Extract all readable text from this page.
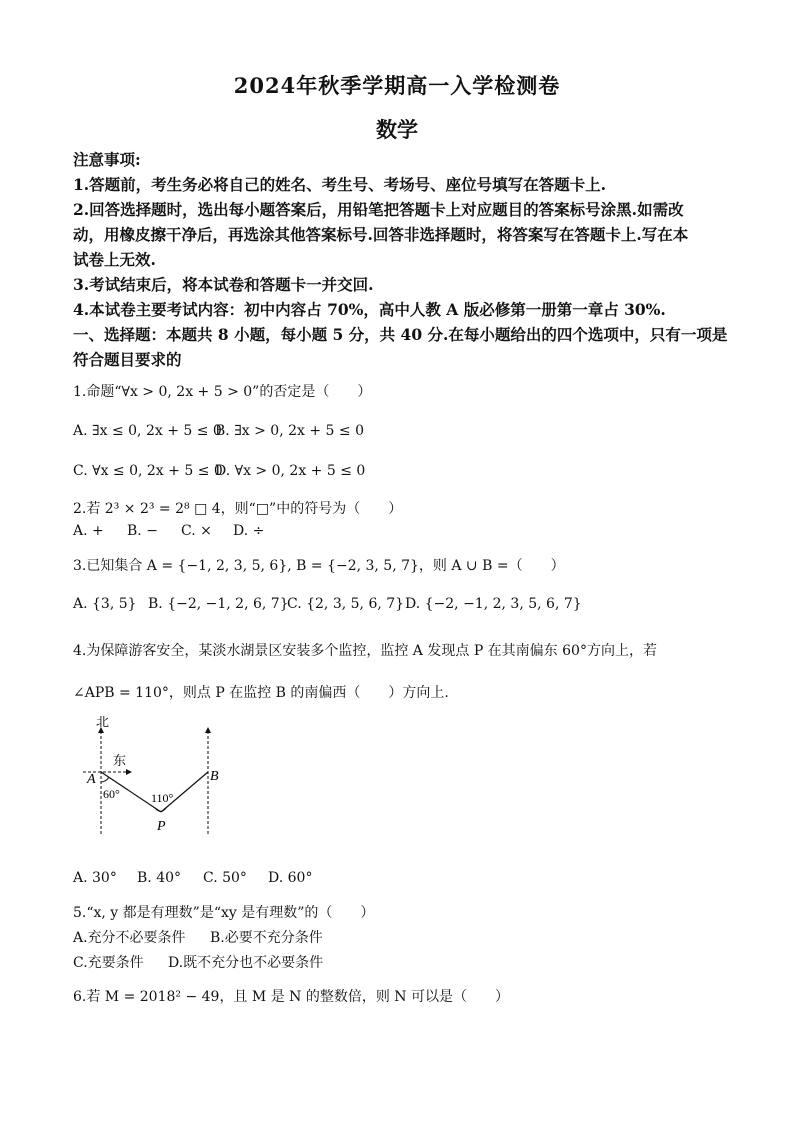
2024年秋季学期高一入学检测卷
数学
注意事项:
1.答题前，考生务必将自己的姓名、考生号、考场号、座位号填写在答题卡上.
2.回答选择题时，选出每小题答案后，用铅笔把答题卡上对应题目的答案标号涂黑.如需改
动，用橡皮擦干净后，再选涂其他答案标号.回答非选择题时，将答案写在答题卡上.写在本
试卷上无效.
3.考试结束后，将本试卷和答题卡一并交回.
4.本试卷主要考试内容：初中内容占 70%，高中人教 A 版必修第一册第一章占 30%.
一、选择题：本题共 8 小题，每小题 5 分，共 40 分.在每小题给出的四个选项中，只有一项是
符合题目要求的
1.命题“∀x > 0, 2x + 5 > 0”的否定是（　　）
A. ∃x ≤ 0, 2x + 5 ≤ 0
B. ∃x > 0, 2x + 5 ≤ 0
C. ∀x ≤ 0, 2x + 5 ≤ 0
D. ∀x > 0, 2x + 5 ≤ 0
2.若 2³ × 2³ = 2⁸ □ 4，则“□”中的符号为（　　）
A. + B. − C. × D. ÷
3.已知集合 A = {−1, 2, 3, 5, 6}, B = {−2, 3, 5, 7}，则 A ∪ B =（　　）
A. {3, 5} B. {−2, −1, 2, 6, 7}
C. {2, 3, 5, 6, 7} D. {−2, −1, 2, 3, 5, 6, 7}
4.为保障游客安全，某淡水湖景区安装多个监控，监控 A 发现点 P 在其南偏东 60°方向上，若
∠APB = 110°，则点 P 在监控 B 的南偏西（　　）方向上.
北
东
A	B
P
60°	110°
A. 30° B. 40° C. 50° D. 60°
5.“x, y 都是有理数”是“xy 是有理数”的（　　）
A.充分不必要条件 B.必要不充分条件
C.充要条件 D.既不充分也不必要条件
6.若 M = 2018² − 49，且 M 是 N 的整数倍，则 N 可以是（　　）
